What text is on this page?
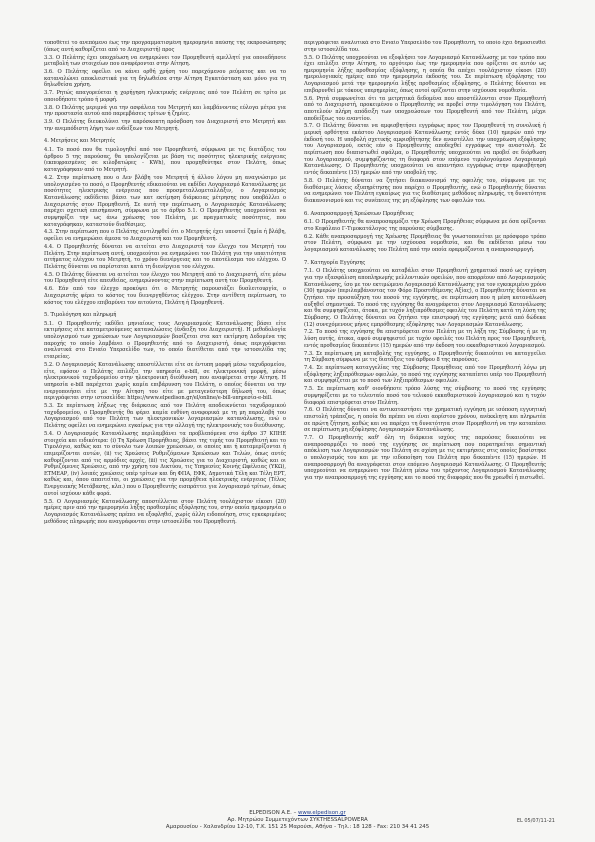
τοποθέτεί το ανεπόμενο έως την προγραμματισμένη ημερομηνία παύσης της εκπροσώπησης (όπως αυτή καθορίζεται από το Διαχειριστή) προς

3.3. Ο Πελάτης έχει υποχρέωση να ενημερώνει τον Προμηθευτή αμελλητί για οποιαδήποτε μεταβολή των στοιχείων που αναφέρονται στην Αίτηση.

3.6. Ο Πελάτης οφείλει να κάνει ορθή χρήση του παρεχόμενου ρεύματος και να το καταναλώνει αποκλειστικά για τη δηλωθείσα στην Αίτηση Εγκατάσταση και μόνο για τη δηλωθείσα χρήση.

3.7. Ρητώς απαγορεύεται η χορήγηση ηλεκτρικής ενέργειας από τον Πελάτη σε τρίτο με οποιοδήποτε τρόπο ή μορφή.

3.8. Ο Πελάτης μεριμνά για την ασφάλεια του Μετρητή και λαμβάνοντας εύλογα μέτρα για την προστασία αυτού από παρεμβάσεις τρίτων ή ζημίες.

3.9. Ο Πελάτης διευκολύνει την απρόσκοπτη πρόσβαση του Διαχειριστή στο Μετρητή και την ανεμπόδιστη λήψη των ενδείξεων του Μετρητή.

4. Μετρήσεις και Μετρητές

4.1. Το ποσό που θα τιμολογηθεί από τον Προμηθευτή, σύμφωνα με τις διατάξεις του άρθρου 5 της παρούσας, θα υπολογίζεται με βάση τις ποσότητες ηλεκτρικής ενέργειας (εκπεφρασμένες σε κιλοβατώρες - KWh), που προμηθεύτηκε στον Πελάτη, όπως καταγράφηκαν από το Μετρητή.

4.2. Στην περίπτωση που ο Δεν βλάβη του Μετρητή ή άλλου λόγου μη αναγνώσιμο με υπολογισμένο το ποσό, ο Προμηθευτής εδικαιούται να εκδίδει Λογαριασμό Κατανάλωσης με ποσότητες ηλεκτρικής ενέργειας που προσμεταλλομεταλλάξιν, ο Λογαριασμός Κατανάλωσης εκδίδεται βάσει των κατ εκτίμηση διάρκειας μέτρησης που υποβάλλει ο Διαχειριστής στον Προμηθευτή. Σε αυτή την περίπτωση, ο Λογαριασμός Κατανάλωσης παρέχει σχετική επισήμανση, σύμφωνα με το άρθρο 5.1. Ο Προμηθευτής υποχρεούται να συμψηφίζει την ως άνω χρέωσης του Πελάτη, με πραγματικές ποσότητες, που καταγράφηκαν, καταστούν διαθέσιμες.

4.3. Στην περίπτωση που ο Πελάτης αντιληφθεί ότι ο Μετρητής έχει υποστεί ζημία ή βλάβη, οφείλει να ενημερώσει άμεσα το Διαχειριστή και τον Προμηθευτή.

4.4. Ο Προμηθευτής δύναται να αιτείται στο Διαχειριστή τον έλεγχο του Μετρητή του Πελάτη. Στην περίπτωση αυτή, υποχρεούται να ενημερώνει τον Πελάτη για την υπαιτιότητα αιτήματος ελέγχου του Μετρητή, το χρόνο διενέργειας και το αποτέλεσμα του ελέγχου. Ο Πελάτης δύναται να παρίσταται κατά τη διενέργεια του ελέγχου.

4.5. Ο Πελάτης δύναται να αιτείται τον έλεγχο του Μετρητή από το Διαχειριστή, είτε μέσω του Προμηθευτή είτε απευθείας, ενημερώνοντας στην περίπτωση αυτή τον Προμηθευτή.

4.6. Εάν από τον έλεγχο προκύψει ότι ο Μετρητής παρουσιάζει δυσλειτουργία, ο Διαχειριστής φέρει το κόστος του διενεργηθέντος ελέγχου. Στην αντίθετη περίπτωση, το κόστος του ελέγχου επιβαρύνει τον αιτούντα, Πελάτη ή Προμηθευτή.

5. Τιμολόγηση και πληρωμή

5.1. Ο Προμηθευτής εκδίδει μηνιαίους τους Λογαριασμούς Κατανάλωσης βάσει είτε εκτιμήσεις είτε καταμετρούμενες καταναλώσεις (ένδειξη του Διαχειριστή). Η μεθοδολογία υπολογισμού των χρεώσεων των Λογαριασμών βασίζεται στα κατ εκτίμηση Δεδομένα της παροχής το οποίο λαμβάνει ο Προμηθευτής από το Διαχειριστή, όπως περιγράφεται αναλυτικά στο Ενιαίο Υπερσελίδο των, το οποίο διατίθεται από την ιστοσελίδα της εταιρείας.

5.2. Ο Λογαριασμός Κατανάλωσης αποστέλλεται είτε σε έντυπη μορφή μέσω ταχυδρομείου, είτε, εφόσον ο Πελάτης επιλέξει την υπηρεσία e-bill, σε ηλεκτρονική μορφή, μέσω ηλεκτρονικού ταχυδρομείου στην ηλεκτρονική διεύθυνση που αναφέρεται στην Αίτηση. Η υπηρεσία e-bill παρέχεται χωρίς καμία επιβάρυνση του Πελάτη, ο οποίος δύναται να την ενεργοποιήσει είτε με την Αίτηση του είτε με μεταγενέστερη δήλωσή του, όπως περιγράφεται στην ιστοσελίδα: https://www.elpedison.gr/el/online/e-bill-υπηρεσία-e-bill.

5.3. Σε περίπτωση λήξεως της διάρκειας από τον Πελάτη αποδεικνύεται ταχυδρομικού ταχυδρομείου, ο Προμηθευτής θα φέρει καμία ευθύνη αναφορικά με τη μη παραλαβή του Λογαριασμού από τον Πελάτη των ηλεκτρονικών λογαριασμών κατανάλωσης, ενώ ο Πελάτης οφείλει να ενημερώνει εγκαίρως για την αλλαγή της ηλεκτρονικής του διεύθυνσης.

5.4. Ο Λογαριασμός Κατανάλωσης περιλαμβάνει τα προβλεπόμενα στο άρθρο 37 ΚΠΗΕ στοιχεία και ειδικότερα: (i) Τη Χρέωση Προμήθειας, βάσει της τιμής του Προμηθευτή και το Τιμολόγιο, καθώς και το σύνολο των λοιπών χρεώσεων, οι οποίες και ή καταμερίζονται ή επιμερίζονται αυτών, (ii) τις Χρεώσεις Ρυθμιζόμενων Χρεώσεων και Τελών, όπως αυτές καθορίζονται από τις αρμόδιες αρχές, (iii) τις Χρεώσεις για το Διαχειριστή, καθώς και οι Ρυθμιζόμενες Χρεώσεις, από την χρήση του Δικτύου, τις Υπηρεσίες Κοινής Ωφέλειας (ΥΚΩ), ΕΤΜΕΑΡ, (iv) λοιπές χρεώσεις υπέρ τρίτων και δη ΦΠΑ, ΕΦΚ, Δημοτικά Τέλη και Τέλη ΕΡΤ, καθώς και, όπου απαιτείται, οι χρεώσεις για την προμήθεια ηλεκτρικής ενέργειας (Τέλος Ενεργειακής Μετάβασης, κλπ.) που ο Προμηθευτής εισπράττει για λογαριασμό τρίτων, όπως αυτοί ισχύουν κάθε φορά.

5.5. Ο Λογαριασμός Κατανάλωσης αποστέλλεται στον Πελάτη τουλάχιστον είκοσι (20) ημέρες πριν από την ημερομηνία λήξης προθεσμίας εξόφλησης του, στην οποία ημερομηνία ο Λογαριασμός Κατανάλωσης πρέπει να εξοφληθεί, χωρίς άλλη ειδοποίηση, στις εγκεκριμένες μεθόδους πληρωμής που αναγράφονται στην ιστοσελίδα του Προμηθευτή.

περιγράφεται αναλυτικά στο Ενιαίο Υπερσελίδο του Προμηθευτή, το οποίο έχει δημοσιευθεί στην ιστοσελίδα του.

5.5. Ο Πελάτης υποχρεούται να εξοφλήσει τον Λογαριασμό Κατανάλωσης με τον τρόπο που έχει επιλέξει στην Αίτηση, το αργότερο έως την ημερομηνία που ορίζεται σε αυτόν ως ημερομηνία λήξης προθεσμίας εξόφλησης, η οποία θα απέχει τουλάχιστον είκοσι (20) ημερολογιακές ημέρες από την ημερομηνία έκδοσής του. Σε περίπτωση εξόφλησης του Λογαριασμού μετά την ημερομηνία λήξης προθεσμίας εξόφλησης, ο Πελάτης δύναται να επιβαρυνθεί με τόκους υπερημερίας, όπως αυτοί ορίζονται στην ισχύουσα νομοθεσία.

5.6. Ρητά συμφωνείται ότι τα μετρητικά δεδομένα που αποστέλλονται στον Προμηθευτή από το Διαχειριστή, προκειμένου ο Προμηθευτής να προβεί στην τιμολόγηση του Πελάτη, αποτελούν πλήρη απόδειξη των υποχρεώσεων του Προμηθευτή από τον Πελάτη, μέχρι αποδείξεως του εναντίου.

5.7. Ο Πελάτης δύναται να αμφισβητήσει εγγράφως προς τον Προμηθευτή τη συνολική ή μερική ορθότητα εκάστου Λογαριασμού Κατανάλωσης εντός δέκα (10) ημερών από την έκδοσή του. Η υποβολή σχετικής αμφισβήτησης δεν αναστέλλει την υποχρέωση εξόφλησης του Λογαριασμού, εκτός εάν ο Προμηθευτής αποδεχθεί εγγράφως την αναστολή. Σε περίπτωση που διαπιστωθεί σφάλμα, ο Προμηθευτής υποχρεούται να προβεί σε διόρθωση του Λογαριασμού, συμψηφίζοντας τη διαφορά στον επόμενο τιμολογούμενο Λογαριασμό Κατανάλωσης. Ο Προμηθευτής υποχρεούται να απαντήσει εγγράφως στην αμφισβήτηση εντός δεκαπέντε (15) ημερών από την υποβολή της.

5.8. Ο Πελάτης δύναται να ζητήσει διακανονισμό της οφειλής του, σύμφωνα με τις διαθέσιμες λύσεις εξυπηρέτησης που παρέχει ο Προμηθευτής, ενώ ο Προμηθευτής δύναται να ενημερώνει τον Πελάτη εγκαίρως για τις διαθέσιμες μεθόδους πληρωμής, τη δυνατότητα διακανονισμού και τις συνέπειες της μη εξόφλησης των οφειλών του.

6. Αναπροσαρμογή Χρεώσεων Προμήθειας

6.1. Ο Προμηθευτής θα αναπροσαρμόζει την Χρέωση Προμήθειας σύμφωνα με όσα ορίζονται στο Κεφάλαιο Γ-Τιμοκατάλογος της παρούσας σύμβασης.

6.2. Κάθε αναπροσαρμογή της Χρέωσης Προμήθειας θα γνωστοποιείται με πρόσφορο τρόπο στον Πελάτη, σύμφωνα με την ισχύουσα νομοθεσία, και θα εκδίδεται μέσω του λογαριασμού κατανάλωσης του Πελάτη από την οποία εφαρμόζονται η αναπροσαρμογή.

7. Κατηγορία Εγγύησης

7.1. Ο Πελάτης υποχρεούται να καταβάλει στον Προμηθευτή χρηματικό ποσό ως εγγύηση για την εξασφάλιση αποπληρωμής μελλοντικών οφειλών, που απορρέουν από Λογαριασμούς Κατανάλωσης, ίσο με τον εκτιμώμενο Λογαριασμό Κατανάλωσης για τον εγκεκριμένο χρόνο (30) ημερών (περιλαμβάνοντας τον Φόρο Προστιθέμενης Αξίας), ο Προμηθευτής δύναται να ζητήσει την προσαύξηση του ποσού της εγγύησης, σε περίπτωση που η μέση κατανάλωση αυξηθεί σημαντικά. Το ποσό της εγγύησης θα αναγράφεται στον Λογαριασμό Κατανάλωσης και θα συμψηφίζεται, άτοκα, με τυχόν ληξιπρόθεσμες οφειλές του Πελάτη κατά τη λύση της Σύμβασης. Ο Πελάτης δύναται να ζητήσει την επιστροφή της εγγύησης μετά από δώδεκα (12) συνεχόμενους μήνες εμπρόθεσμης εξόφλησης των Λογαριασμών Κατανάλωσης.

7.2. Το ποσό της εγγύησης θα επιστρέφεται στον Πελάτη με τη λήξη της Σύμβασης ή με τη λύση αυτής, άτοκα, αφού συμψηφιστεί με τυχόν οφειλές του Πελάτη προς τον Προμηθευτή, εντός προθεσμίας δεκαπέντε (15) ημερών από την έκδοση του εκκαθαριστικού λογαριασμού.

7.3. Σε περίπτωση μη καταβολής της εγγύησης, ο Προμηθευτής δικαιούται να καταγγείλει τη Σύμβαση σύμφωνα με τις διατάξεις του άρθρου 8 της παρούσας.

7.4. Σε περίπτωση καταγγελίας της Σύμβασης Προμήθειας από τον Προμηθευτή λόγω μη εξόφλησης ληξιπρόθεσμων οφειλών, το ποσό της εγγύησης καταπίπτει υπέρ του Προμηθευτή και συμψηφίζεται με το ποσό των ληξιπρόθεσμων οφειλών.

7.5. Σε περίπτωση καθ' οιονδήποτε τρόπο λύσης της σύμβασης το ποσό της εγγύησης συμψηφίζεται με το τελευταίο ποσό του τελικού εκκαθαριστικού λογαριασμού και η τυχόν διαφορά επιστρέφεται στον Πελάτη.

7.6. Ο Πελάτης δύναται να αντικαταστήσει την χρηματική εγγύηση με ισόποση εγγυητική επιστολή τράπεζας, η οποία θα πρέπει να είναι αορίστου χρόνου, ανέκκλητη και πληρωτέα σε πρώτη ζήτηση, καθώς και να παρέχει τη δυνατότητα στον Προμηθευτή να την καταπέσει σε περίπτωση μη εξόφλησης Λογαριασμών Κατανάλωσης.

7.7. Ο Προμηθευτής καθ' όλη τη διάρκεια ισχύος της παρούσας δικαιούται να αναπροσαρμόζει το ποσό της εγγύησης σε περίπτωση που παρατηρείται σημαντική απόκλιση των Λογαριασμών του Πελάτη σε σχέση με τις εκτιμήσεις στις οποίες βασίστηκε ο υπολογισμός του και με την ειδοποίηση του Πελάτη προ δεκαπέντε (15) ημερών. Η αναπροσαρμογή θα αναγράφεται στον επόμενο Λογαριασμό Κατανάλωσης. Ο Προμηθευτής υποχρεούται να ενημερώνει τον Πελάτη μέσω του τρέχοντος Λογαριασμού Κατανάλωσης για την αναπροσαρμογή της εγγύησης και το ποσό της διαφοράς που θα χρεωθεί ή πιστωθεί.

ELPEDISON A.E. – www.elpedison.gr
Αρ. Μητρώου Συμμετεχόντων ΣΥΚΤHESSALPOWERA
Αμαρουσίου - Χαλανδρίου 12-10, Τ.Κ. 151 25 Μαρούσι, Αθήνα - Τηλ.: 18 128 - Fax: 210 34 41 245
EL 05/07/11-21
